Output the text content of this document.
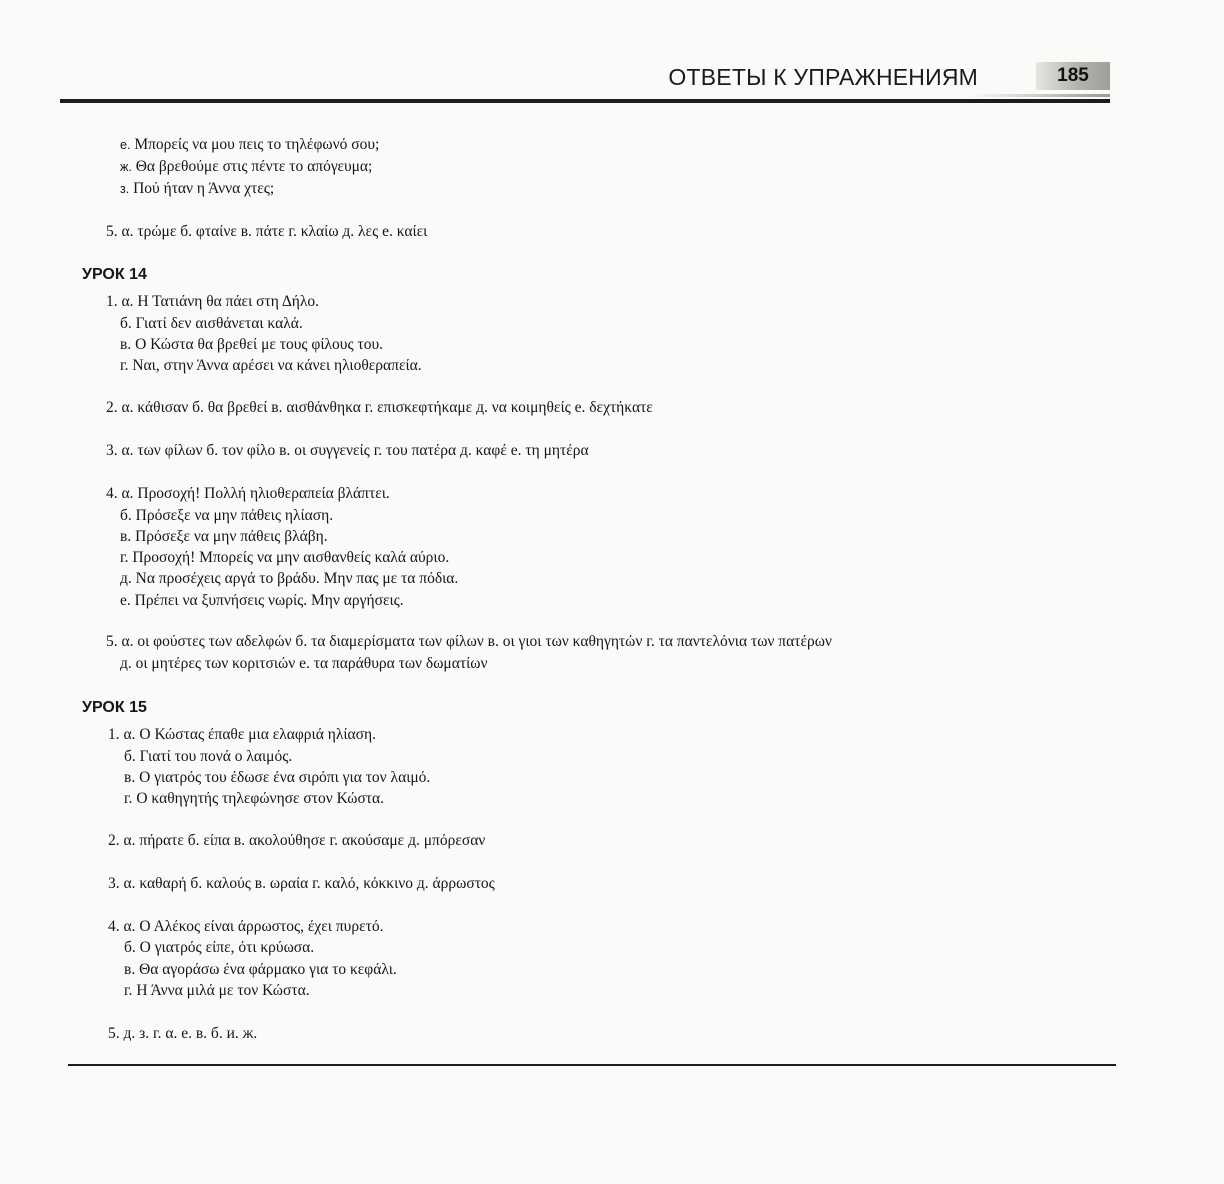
ОТВЕТЫ К УПРАЖНЕНИЯМ	185
е. Μπορείς να μου πεις το τηλέφωνό σου;
ж. Θα βρεθούμε στις πέντε το απόγευμα;
з. Πού ήταν η Άννα χτες;
5. α. τρώμε б. φταίνε в. πάτε г. κλαίω д. λες е. καίει
УРОК 14
1. α. Η Τατιάνη θα πάει στη Δήλο.
б. Γιατί δεν αισθάνεται καλά.
в. Ο Κώστα θα βρεθεί με τους φίλους του.
г. Ναι, στην Άννα αρέσει να κάνει ηλιοθεραπεία.
2. α. κάθισαν б. θα βρεθεί в. αισθάνθηκα г. επισκεφτήκαμε д. να κοιμηθείς е. δεχτήκατε
3. α. των φίλων б. τον φίλο в. οι συγγενείς г. του πατέρα д. καφέ е. τη μητέρα
4. α. Προσοχή! Πολλή ηλιοθεραπεία βλάπτει.
б. Πρόσεξε να μην πάθεις ηλίαση.
в. Πρόσεξε να μην πάθεις βλάβη.
г. Προσοχή! Μπορείς να μην αισθανθείς καλά αύριο.
д. Να προσέχεις αργά το βράδυ. Μην πας με τα πόδια.
е. Πρέπει να ξυπνήσεις νωρίς. Μην αργήσεις.
5. α. οι φούστες των αδελφών б. τα διαμερίσματα των φίλων в. οι γιοι των καθηγητών г. τα παντελόνια των πατέρων
д. οι μητέρες των κοριτσιών е. τα παράθυρα των δωματίων
УРОК 15
1. α. Ο Κώστας έπαθε μια ελαφριά ηλίαση.
б. Γιατί του πονά ο λαιμός.
в. Ο γιατρός του έδωσε ένα σιρόπι για τον λαιμό.
г. Ο καθηγητής τηλεφώνησε στον Κώστα.
2. α. πήρατε б. είπα в. ακολούθησε г. ακούσαμε д. μπόρεσαν
3. α. καθαρή б. καλούς в. ωραία г. καλό, κόκκινο д. άρρωστος
4. α. Ο Αλέκος είναι άρρωστος, έχει πυρετό.
б. Ο γιατρός είπε, ότι κρύωσα.
в. Θα αγοράσω ένα φάρμακο για το κεφάλι.
г. Η Άννα μιλά με τον Κώστα.
5. д. з. г. α. е. в. б. и. ж.
